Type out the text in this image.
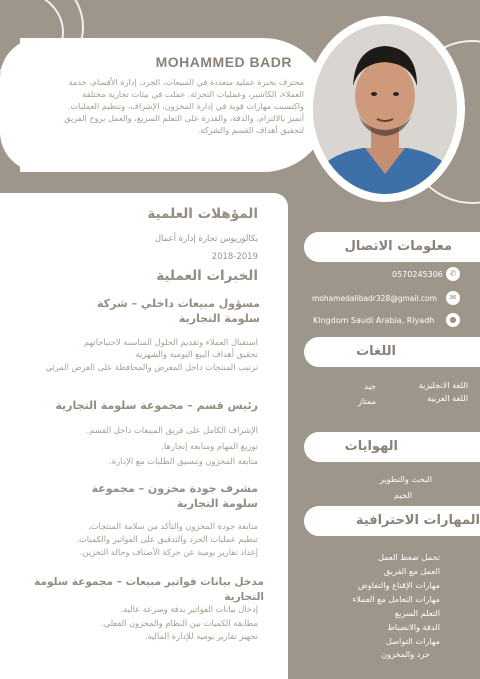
MOHAMMED BADR
محترف بخبرة عملية متعددة في المبيعات، الجرد، إدارة الأقسام، خدمة العملاء، الكاشير، وعمليات التجزئة. عملت في بيئات تجارية مختلفة واكتسبت مهارات قوية في إدارة المخزون، الإشراف، وتنظيم العمليات. أتميز بالالتزام، والدقة، والقدرة على التعلم السريع، والعمل بروح الفريق لتحقيق أهداف القسم والشركة.
المؤهلات العلمية
بكالوريوس تجارة إدارة أعمال
2018-2019
الخبرات العملية
مسؤول مبيعات داخلي – شركة سلومة التجارية
استقبال العملاء وتقديم الحلول المناسبة لاحتياجاتهم
تحقيق أهداف البيع اليومية والشهرية
ترتيب المنتجات داخل المعرض والمحافظة على العرض المرئي
رئيس قسم – مجموعة سلومة التجارية
الإشراف الكامل على فريق المبيعات داخل القسم.
توزيع المهام ومتابعة إنجازها.
متابعة المخزون وتنسيق الطلبات مع الإدارة.
مشرف جودة مخزون – مجموعة سلومة التجارية
متابعة جودة المخزون والتأكد من سلامة المنتجات.
تنظيم عمليات الجرد والتدقيق على الفواتير والكميات.
إعداد تقارير يومية عن حركة الأصناف وحالة التخزين.
مدخل بيانات فواتير مبيعات – مجموعة سلومة التجارية
إدخال بيانات الفواتير بدقة وسرعة عالية.
مطابقة الكميات بين النظام والمخزون الفعلي.
تجهيز تقارير يومية للإدارة المالية.
معلومات الاتصال
0570245306 ✆
mohamedalibadr328@gmail.com	✉
Kingdom Saudi Arabia, Riyadh	●
اللغات
اللغة الانجليزية
جيد
اللغة العربية
ممتاز
الهوايات
البحث والتطوير
الجيم
المهارات الاحترافية
تحمل ضغط العمل
العمل مع الفريق
مهارات الإقناع والتفاوض
مهارات التعامل مع العملاء
التعلم السريع
الدقة والانضباط
مهارات التواصل
جرد والمخزون
